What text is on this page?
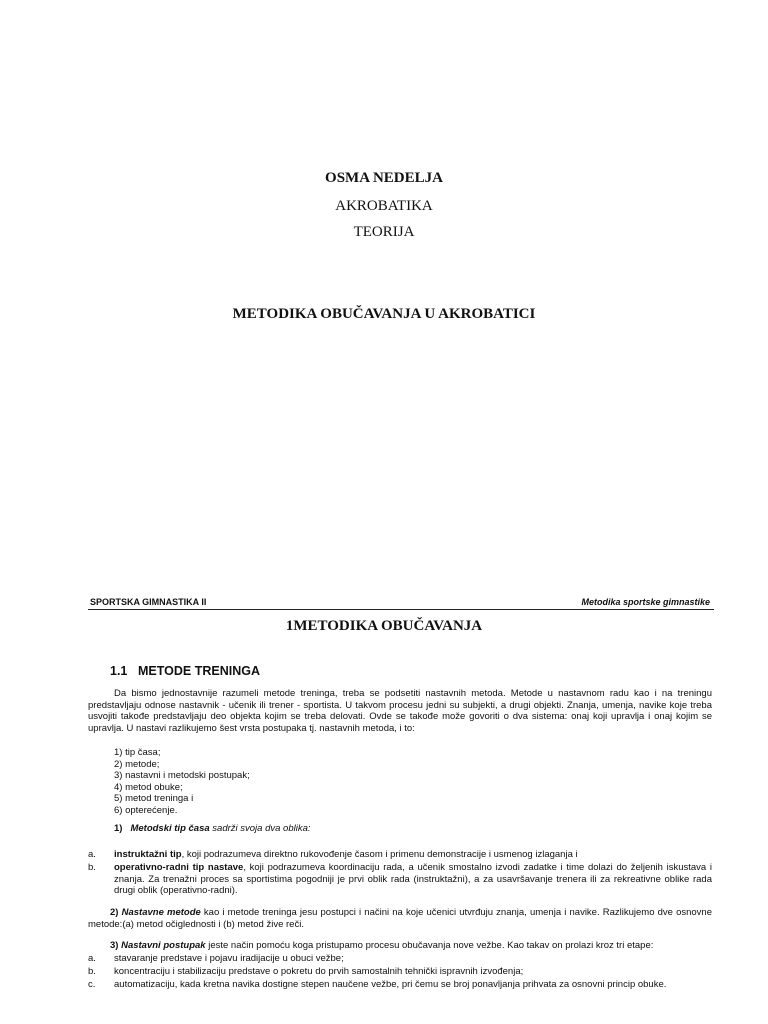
OSMA NEDELJA
AKROBATIKA
TEORIJA
METODIKA OBUČAVANJA U AKROBATICI
SPORTSKA GIMNASTIKA II	Metodika sportske gimnastike
1METODIKA OBUČAVANJA
1.1 METODE TRENINGA
Da bismo jednostavnije razumeli metode treninga, treba se podsetiti nastavnih metoda. Metode u nastavnom radu kao i na treningu predstavljaju odnose nastavnik - učenik ili trener - sportista. U takvom procesu jedni su subjekti, a drugi objekti. Znanja, umenja, navike koje treba usvojiti takođe predstavljaju deo objekta kojim se treba delovati. Ovde se takođe može govoriti o dva sistema: onaj koji upravlja i onaj kojim se upravlja. U nastavi razlikujemo šest vrsta postupaka tj. nastavnih metoda, i to:
1) tip časa;
2) metode;
3) nastavni i metodski postupak;
4) metod obuke;
5) metod treninga i
6) opterećenje.
1) Metodski tip časa sadrži svoja dva oblika:
a. instruktažni tip, koji podrazumeva direktno rukovođenje časom i primenu demonstracije i usmenog izlaganja i
b. operativno-radni tip nastave, koji podrazumeva koordinaciju rada, a učenik smostalno izvodi zadatke i time dolazi do željenih iskustava i znanja. Za trenažni proces sa sportistima pogodniji je prvi oblik rada (instruktažni), a za usavršavanje trenera ili za rekreativne oblike rada drugi oblik (operativno-radni).
2) Nastavne metode kao i metode treninga jesu postupci i načini na koje učenici utvrđuju znanja, umenja i navike. Razlikujemo dve osnovne metode:(a) metod očiglednosti i (b) metod žive reči.
3) Nastavni postupak jeste način pomoću koga pristupamo procesu obučavanja nove vežbe. Kao takav on prolazi kroz tri etape:
a. stavaranje predstave i pojavu iradijacije u obuci vežbe;
b. koncentraciju i stabilizaciju predstave o pokretu do prvih samostalnih tehnički ispravnih izvođenja;
c. automatizaciju, kada kretna navika dostigne stepen naučene vežbe, pri čemu se broj ponavljanja prihvata za osnovni princip obuke.
